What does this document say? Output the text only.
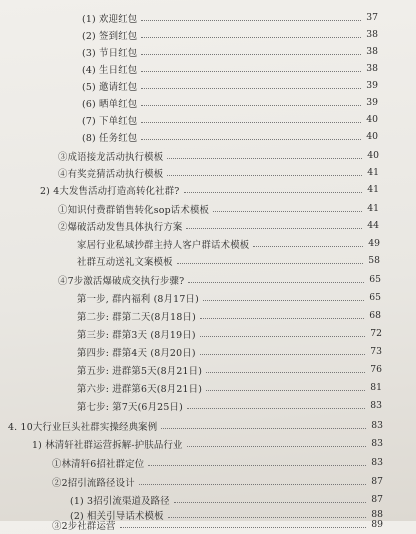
(1) 欢迎红包	37
(2) 签到红包	38
(3) 节日红包	38
(4) 生日红包	38
(5) 邀请红包	39
(6) 晒单红包	39
(7) 下单红包	40
(8) 任务红包	40
③成语接龙活动执行模板	40
④有奖竞猜活动执行模板	41
2) 4大发售活动打造高转化社群?	41
①知识付费群销售转化sop话术模板	41
②爆破活动发售具体执行方案	44
家居行业私域抄群主持人客户群话术模板	49
社群互动送礼文案模板	58
④7步激活爆破成交执行步骤?	65
第一步, 群内福利 (8月17日)	65
第二步: 群第二天(8月18日)	68
第三步: 群第3天 (8月19日)	72
第四步: 群第4天 (8月20日)	73
第五步: 进群第5天(8月21日)	76
第六步: 进群第6天(8月21日)	81
第七步: 第7天(6月25日)	83
4. 10大行业巨头社群实操经典案例	83
1) 林清轩社群运营拆解-护肤品行业	83
①林清轩6招社群定位	83
②2招引流路径设计	87
(1) 3招引流渠道及路径	87
(2) 相关引导话术模板	88
③2步社群运营	89
